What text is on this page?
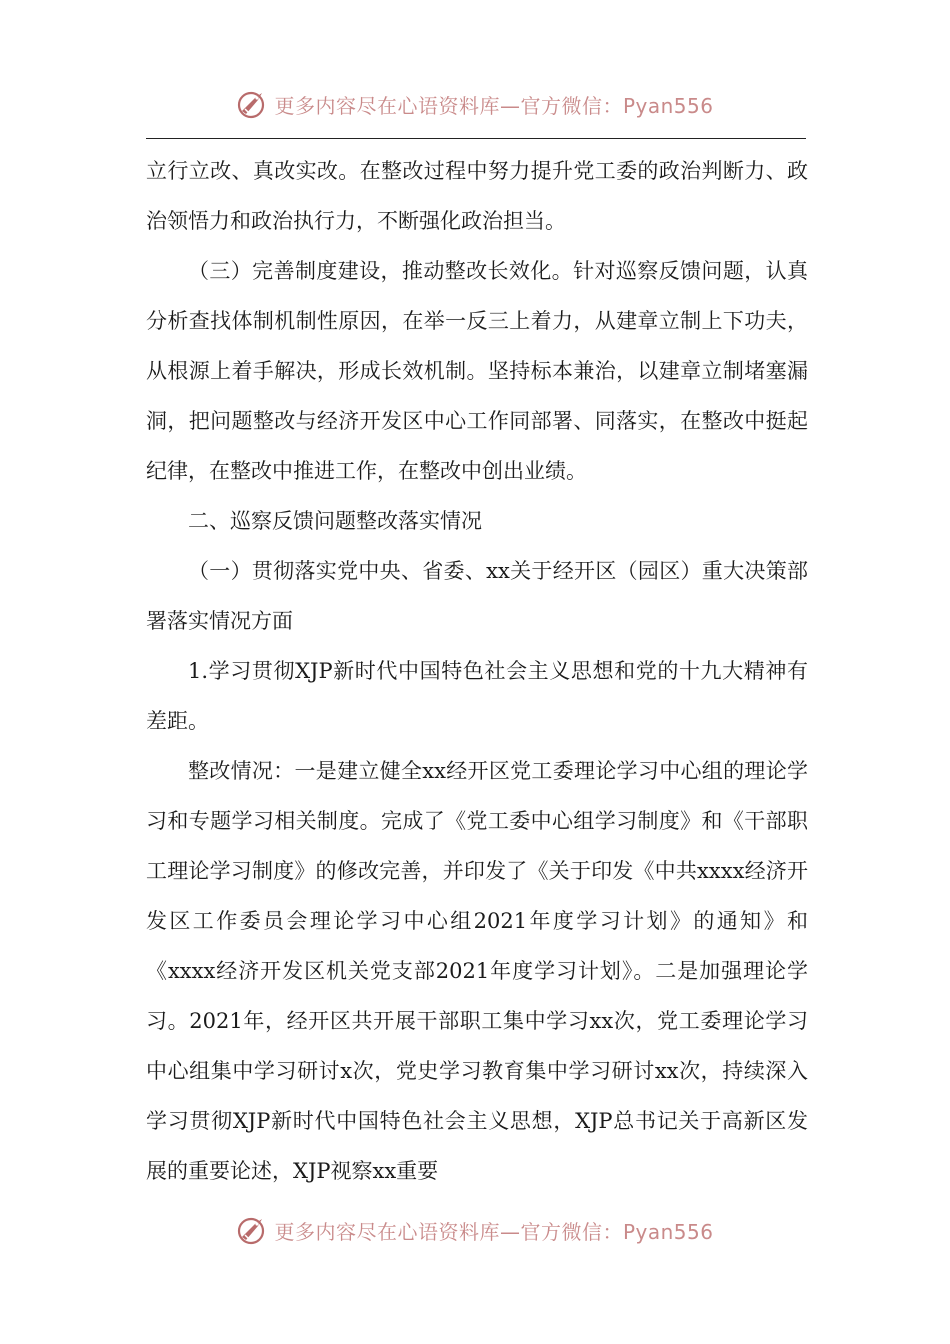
更多内容尽在心语资料库—官方微信：Pyan556

立行立改、真改实改。在整改过程中努力提升党工委的政治判断力、政治领悟力和政治执行力，不断强化政治担当。

（三）完善制度建设，推动整改长效化。针对巡察反馈问题，认真分析查找体制机制性原因，在举一反三上着力，从建章立制上下功夫，从根源上着手解决，形成长效机制。坚持标本兼治，以建章立制堵塞漏洞，把问题整改与经济开发区中心工作同部署、同落实，在整改中挺起纪律，在整改中推进工作，在整改中创出业绩。

二、巡察反馈问题整改落实情况

（一）贯彻落实党中央、省委、xx关于经开区（园区）重大决策部署落实情况方面

1.学习贯彻XJP新时代中国特色社会主义思想和党的十九大精神有差距。

整改情况：一是建立健全xx经开区党工委理论学习中心组的理论学习和专题学习相关制度。完成了《党工委中心组学习制度》和《干部职工理论学习制度》的修改完善，并印发了《关于印发《中共xxxx经济开发区工作委员会理论学习中心组2021年度学习计划》的通知》和《xxxx经济开发区机关党支部2021年度学习计划》。二是加强理论学习。2021年，经开区共开展干部职工集中学习xx次，党工委理论学习中心组集中学习研讨x次，党史学习教育集中学习研讨xx次，持续深入学习贯彻XJP新时代中国特色社会主义思想，XJP总书记关于高新区发展的重要论述，XJP视察xx重要

更多内容尽在心语资料库—官方微信：Pyan556
